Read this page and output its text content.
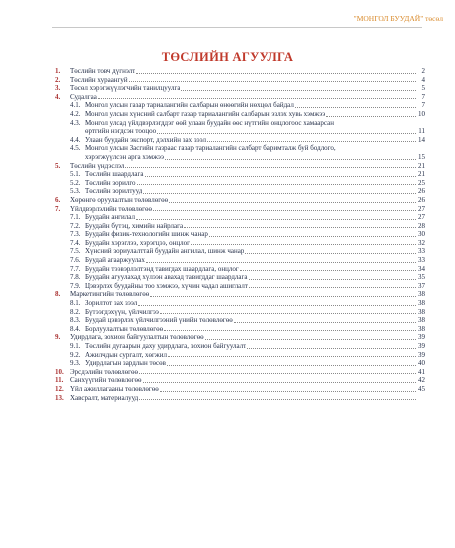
"МОНГОЛ БУУДАЙ" төсөл
ТӨСЛИЙН АГУУЛГА
1.	Төслийн товч дүгнэлт	2
2.	Төслийн хураангуй	4
3.	Төсөл хэрэгжүүлэгчийн танилцуулга	5
4.	Судалгаа	7
4.1. Монгол улсын газар тариалангийн салбарын өнөөгийн нөхцөл байдал	7
4.2. Монгол улсын хүнсний салбарт газар тариалангийн салбарын эзлэх хувь хэмжээ	10
4.3. Монгол улсад үйлдвэрлэгддэг өөй улаан буудайн өөс нүтгийн онцлогоос хамаарсан
өртгийн нэгдсэн тооцоо	11
4.4. Улаан буудайн экспорт, дэлхийн зах зээл	14
4.5. Монгол улсын Засгийн газраас газар тариалангийн салбарт баримталж буй бодлого,
хэрэгжүүлсэн арга хэмжээ	15
5.	Төслийн үндэслэл	21
5.1. Төслийн шаардлага	21
5.2. Төслийн зорилго	25
5.3. Төслийн зорилтууд	26
6.	Хөрөнгө оруулалтын төлөвлөгөө	26
7.	Үйлдвэрлэлийн төлөвлөгөө	27
7.1. Буудайн ангилал	27
7.2. Буудайн бүтэц, химийн найрлага	28
7.3. Буудайн физик-технологийн шинж чанар	30
7.4. Буудайн хэрэглээ, хэрэгцээ, онцлог	32
7.5. Хүнсний зориулалттай буудайн ангилал, шинж чанар	33
7.6. Буудай агааржуулах	33
7.7. Буудайн тээвэрлэлтэнд тавигдах шаардлага, онцлог	34
7.8. Буудайн агуулахад хүлээн авахад тавигддаг шаардлага	35
7.9. Цэвэрлэх буудайны тоо хэмжээ, хүчин чадал ашиглалт	37
8.	Маркетингийн төлөвлөгөө	38
8.1. Зорилтот зах зээл	38
8.2. Бүтээгдэхүүн, үйлчилгээ	38
8.3. Буудай цэвэрлэх үйлчилгээний үнийн төлөвлөгөө	38
8.4. Борлуулалтын төлөвлөгөө	38
9.	Удирдлага, зохион байгуулалтын төлөвлөгөө	39
9.1. Төслийн дугаарын даху удирдлага, зохион байгуулалт	39
9.2. Ажилчдын сургалт, хөгжил	39
9.3. Удирдлагын зардлын төсөв	40
10. Эрсдэлийн төлөвлөгөө	41
11. Санхүүгийн төлөвлөгөө	42
12. Үйл ажиллагааны төлөвлөгөө	45
13. Хавсралт, материалууд
